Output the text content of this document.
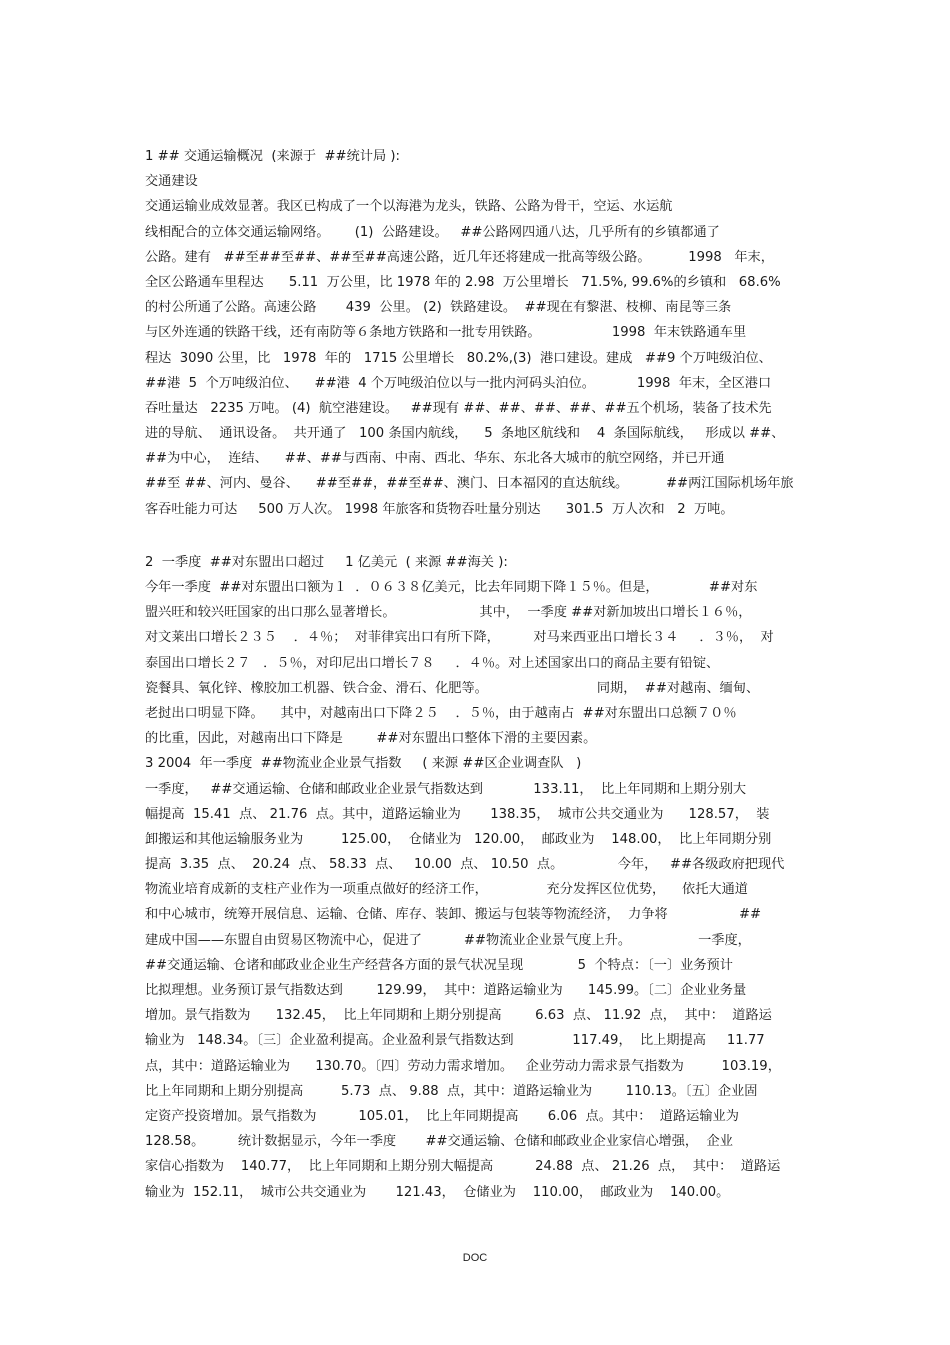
1 ## 交通运输概况  (来源于  ##统计局 ):
交通建设
交通运输业成效显著。我区已构成了一个以海港为龙头，铁路、公路为骨干，空运、水运航
线相配合的立体交通运输网络。      (1)  公路建设。   ##公路网四通八达，几乎所有的乡镇都通了
公路。建有   ##至##至##、##至##高速公路，近几年还将建成一批高等级公路。         1998   年末，
全区公路通车里程达      5.11  万公里，比 1978 年的 2.98  万公里增长   71.5%, 99.6%的乡镇和   68.6%
的村公所通了公路。高速公路       439  公里。 (2)  铁路建设。  ##现在有黎湛、枝柳、南昆等三条
与区外连通的铁路干线，还有南防等６条地方铁路和一批专用铁路。                 1998  年末铁路通车里
程达  3090 公里，比   1978  年的   1715 公里增长   80.2%,(3)  港口建设。建成   ##9 个万吨级泊位、
##港  5  个万吨级泊位、    ##港  4 个万吨级泊位以与一批内河码头泊位。          1998  年末，全区港口
吞吐量达   2235 万吨。 (4)  航空港建设。   ##现有 ##、##、##、##、##五个机场，装备了技术先
进的导航、  通讯设备。  共开通了   100 条国内航线，    5  条地区航线和    4  条国际航线，   形成以 ##、
##为中心，  连结、    ##、##与西南、中南、西北、华东、东北各大城市的航空网络，并已开通
##至 ##、河内、曼谷、    ##至##，##至##、澳门、日本福冈的直达航线。         ##两江国际机场年旅
客吞吐能力可达     500 万人次。 1998 年旅客和货物吞吐量分别达      301.5  万人次和   2  万吨。
2  一季度  ##对东盟出口超过     1 亿美元  ( 来源 ##海关 ):
今年一季度  ##对东盟出口额为１  ．０６３８亿美元，比去年同期下降１５％。但是，            ##对东
盟兴旺和较兴旺国家的出口那么显著增长。                    其中，  一季度 ##对新加坡出口增长１６％，
对文莱出口增长２３５    ．４％；  对菲律宾出口有所下降，        对马来西亚出口增长３４     ．３％，  对
泰国出口增长２７   ．５％，对印尼出口增长７８     ．４％。对上述国家出口的商品主要有铅锭、
瓷餐具、氧化锌、橡胶加工机器、铁合金、滑石、化肥等。                          同期，  ##对越南、缅甸、
老挝出口明显下降。    其中，对越南出口下降２５    ．５％，由于越南占  ##对东盟出口总额７０％
的比重，因此，对越南出口下降是        ##对东盟出口整体下滑的主要因素。
3 2004  年一季度  ##物流业企业景气指数     ( 来源 ##区企业调查队   )
一季度，   ##交通运输、仓储和邮政业企业景气指数达到            133.11，  比上年同期和上期分别大
幅提高  15.41  点、 21.76  点。其中，道路运输业为       138.35，  城市公共交通业为      128.57，  装
卸搬运和其他运输服务业为         125.00，  仓储业为   120.00，  邮政业为    148.00，  比上年同期分别
提高  3.35  点、  20.24  点、 58.33  点、   10.00  点、 10.50  点。             今年，   ##各级政府把现代
物流业培育成新的支柱产业作为一项重点做好的经济工作，              充分发挥区位优势，    依托大通道
和中心城市，统筹开展信息、运输、仓储、库存、装卸、搬运与包装等物流经济，  力争将                 ##
建成中国——东盟自由贸易区物流中心，促进了          ##物流业企业景气度上升。                一季度，
##交通运输、仓诸和邮政业企业生产经营各方面的景气状况呈现             5  个特点：〔一〕业务预计
比拟理想。业务预订景气指数达到        129.99，  其中：道路运输业为      145.99。〔二〕企业业务量
增加。景气指数为      132.45，  比上年同期和上期分别提高        6.63  点、 11.92  点，  其中：  道路运
输业为   148.34。〔三〕企业盈利提高。企业盈利景气指数达到              117.49，  比上期提高     11.77
点，其中：道路运输业为      130.70。〔四〕劳动力需求增加。   企业劳动力需求景气指数为         103.19，
比上年同期和上期分别提高         5.73  点、 9.88  点，其中：道路运输业为        110.13。〔五〕企业固
定资产投资增加。景气指数为          105.01，  比上年同期提高       6.06  点。其中：  道路运输业为
128.58。        统计数据显示，今年一季度       ##交通运输、仓储和邮政业企业家信心增强，  企业
家信心指数为    140.77，  比上年同期和上期分别大幅提高          24.88  点、 21.26  点，  其中：  道路运
输业为  152.11，  城市公共交通业为       121.43，  仓储业为    110.00，  邮政业为    140.00。
DOC
